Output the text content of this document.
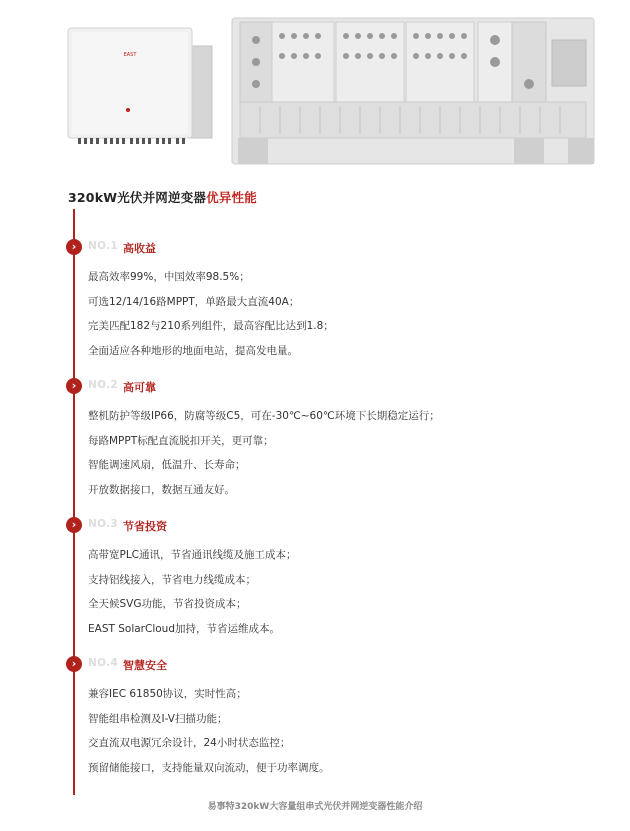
EAST
320kW光伏并网逆变器优异性能
›	NO.1 高收益
最高效率99%，中国效率98.5%；
可选12/14/16路MPPT，单路最大直流40A；
完美匹配182与210系列组件，最高容配比达到1.8；
全面适应各种地形的地面电站，提高发电量。
›	NO.2 高可靠
整机防护等级IP66，防腐等级C5，可在-30℃~60℃环境下长期稳定运行；
每路MPPT标配直流脱扣开关，更可靠；
智能调速风扇，低温升、长寿命；
开放数据接口，数据互通友好。
›	NO.3 节省投资
高带宽PLC通讯，节省通讯线缆及施工成本；
支持铝线接入，节省电力线缆成本；
全天候SVG功能，节省投资成本；
EAST SolarCloud加持，节省运维成本。
›	NO.4 智慧安全
兼容IEC 61850协议，实时性高；
智能组串检测及I-V扫描功能；
交直流双电源冗余设计，24小时状态监控；
预留储能接口，支持能量双向流动，便于功率调度。

易事特320kW大容量组串式光伏并网逆变器性能介绍
